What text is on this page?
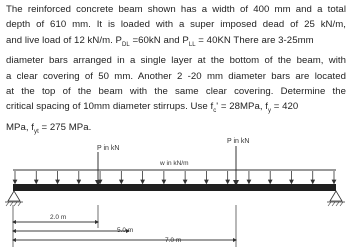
The reinforced concrete beam shown has a width of 400 mm and a total
depth of 610 mm. It is loaded with a super imposed dead of 25 kN/m,
and live load of 12 kN/m. $P_{DL} =60kN$ and $P_{LL} = 40KN$ There are 3-25mm
diameter bars arranged in a single layer at the bottom of the beam, with
a clear covering of 50 mm. Another 2 -20 mm diameter bars are located
at the top of the beam with the same clear covering. Determine the
critical spacing of 10mm diameter stirrups. Use $f_c' = 28MPa$, $f_y = 420$
MPa, $f_{yt} = 275$ MPa.
P in kN
P in kN
w in kN/m
2.0 m
5.0 m
7.0 m
